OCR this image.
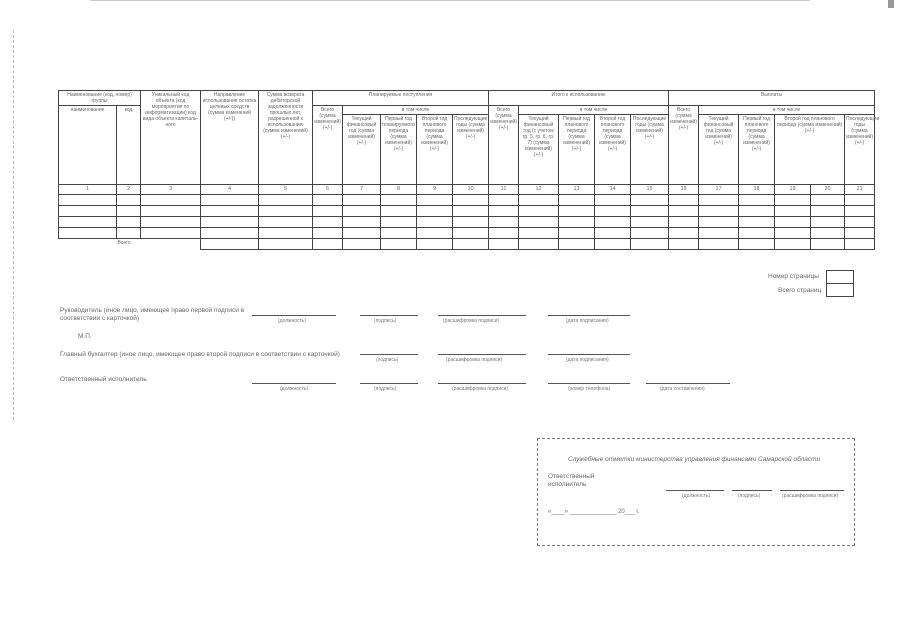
Наименование (код, номер) группы		Уникальный код объекта (код мероприятия по информатизации) код вида объекта капиталь-ного	Направление использования остатка целевых средств (сумма изменений (+/-))	Сумма возврата дебиторской задолженности прошлых лет, разрешенной к использованию (сумма изменений) (+/-)	Планируемые поступления					Итого к использованию					Выплаты					
наименование	код				Всего (сумма изменений) (+/-)	в том числе				Всего (сумма изменений) (+/-)	в том числе				Всего (сумма изменений) (+/-)	в том числе				
						Текущий финансовый год (сумма изменений) (+/-)	Первый год планируемого периода (сумма изменений) (+/-)	Второй год планового периода (сумма изменений) (+/-)	Последующие годы (сумма изменений) (+/-)		Текущий финансовый год (с учетом гр. 5, гр. 6, гр. 7) (сумма изменений) (+/-)	Первый год планового периода (сумма изменений) (+/-)	Второй год планового периода (сумма изменений) (+/-)	Последующие годы (сумма изменений) (+/-)		Текущий финансовый год (сумма изменений) (+/-)	Первый год планового периода (сумма изменений) (+/-)	Второй год планового периода (сумма изменений) (+/-)		Последующие годы (сумма изменений) (+/-)
1	2	3	4	5	6	7	8	9	10	11	12	13	14	15	16	17	18	19	20	21

	Всего																			
Номер страницы
Всего страниц
Руководитель (иное лицо, имеющее право первой подписи в соответствии с карточкой)	(должность)	(подпись)	(расшифровка подписи)	(дата подписания)
М.П.
Главный бухгалтер (иное лицо, имеющее право второй подписи в соответствии с карточкой)
(подпись)	(расшифровка подписи)	(дата подписания)
Ответственный исполнитель
(должность)	(подпись)	(расшифровка подписи)	(номер телефона)	(дата составления)
Служебные отметки министерства управления финансами Самарской области
Ответственный исполнитель
(должность)	(подпись)	(расшифровка подписи)
«____» ______________ 20___ г.
